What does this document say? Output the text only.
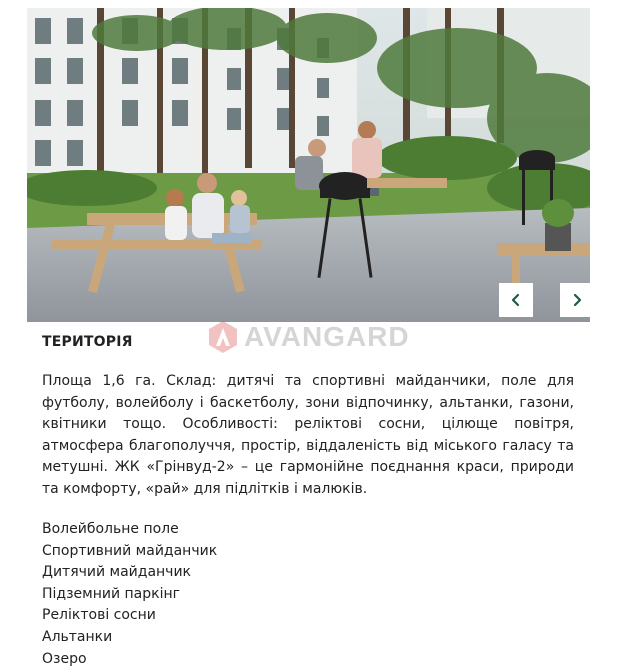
ТЕРИТОРІЯ	AVANGARD
Площа 1,6 га. Склад: дитячі та спортивні майданчики, поле для футболу, волейболу і баскетболу, зони відпочинку, альтанки, газони, квітники тощо. Особливості: реліктові сосни, цілюще повітря, атмосфера благополуччя, простір, віддаленість від міського галасу та метушні. ЖК «Грінвуд-2» – це гармонійне поєднання краси, природи та комфорту, «рай» для підлітків і малюків.
Волейбольне поле
Спортивний майданчик
Дитячий майданчик
Підземний паркінг
Реліктові сосни
Альтанки
Озеро
